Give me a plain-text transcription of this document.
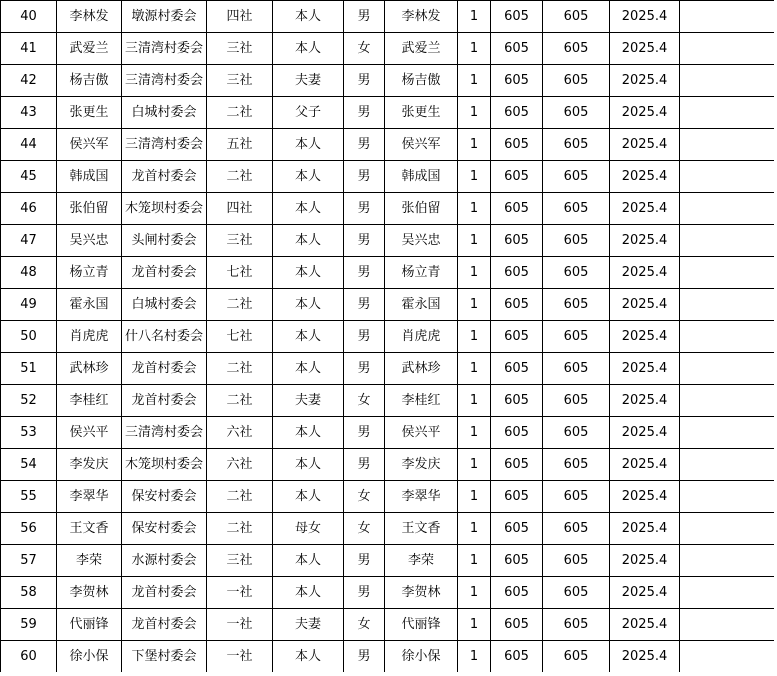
40	李林发	墩源村委会	四社	本人	男	李林发	1	605	605	2025.4	
41	武爱兰	三清湾村委会	三社	本人	女	武爱兰	1	605	605	2025.4	
42	杨吉傲	三清湾村委会	三社	夫妻	男	杨吉傲	1	605	605	2025.4	
43	张更生	白城村委会	二社	父子	男	张更生	1	605	605	2025.4	
44	侯兴军	三清湾村委会	五社	本人	男	侯兴军	1	605	605	2025.4	
45	韩成国	龙首村委会	二社	本人	男	韩成国	1	605	605	2025.4	
46	张伯留	木笼坝村委会	四社	本人	男	张伯留	1	605	605	2025.4	
47	吴兴忠	头闸村委会	三社	本人	男	吴兴忠	1	605	605	2025.4	
48	杨立青	龙首村委会	七社	本人	男	杨立青	1	605	605	2025.4	
49	霍永国	白城村委会	二社	本人	男	霍永国	1	605	605	2025.4	
50	肖虎虎	什八名村委会	七社	本人	男	肖虎虎	1	605	605	2025.4	
51	武林珍	龙首村委会	二社	本人	男	武林珍	1	605	605	2025.4	
52	李桂红	龙首村委会	二社	夫妻	女	李桂红	1	605	605	2025.4	
53	侯兴平	三清湾村委会	六社	本人	男	侯兴平	1	605	605	2025.4	
54	李发庆	木笼坝村委会	六社	本人	男	李发庆	1	605	605	2025.4	
55	李翠华	保安村委会	二社	本人	女	李翠华	1	605	605	2025.4	
56	王文香	保安村委会	二社	母女	女	王文香	1	605	605	2025.4	
57	李荣	水源村委会	三社	本人	男	李荣	1	605	605	2025.4	
58	李贺林	龙首村委会	一社	本人	男	李贺林	1	605	605	2025.4	
59	代丽锋	龙首村委会	一社	夫妻	女	代丽锋	1	605	605	2025.4	
60	徐小保	下堡村委会	一社	本人	男	徐小保	1	605	605	2025.4	
